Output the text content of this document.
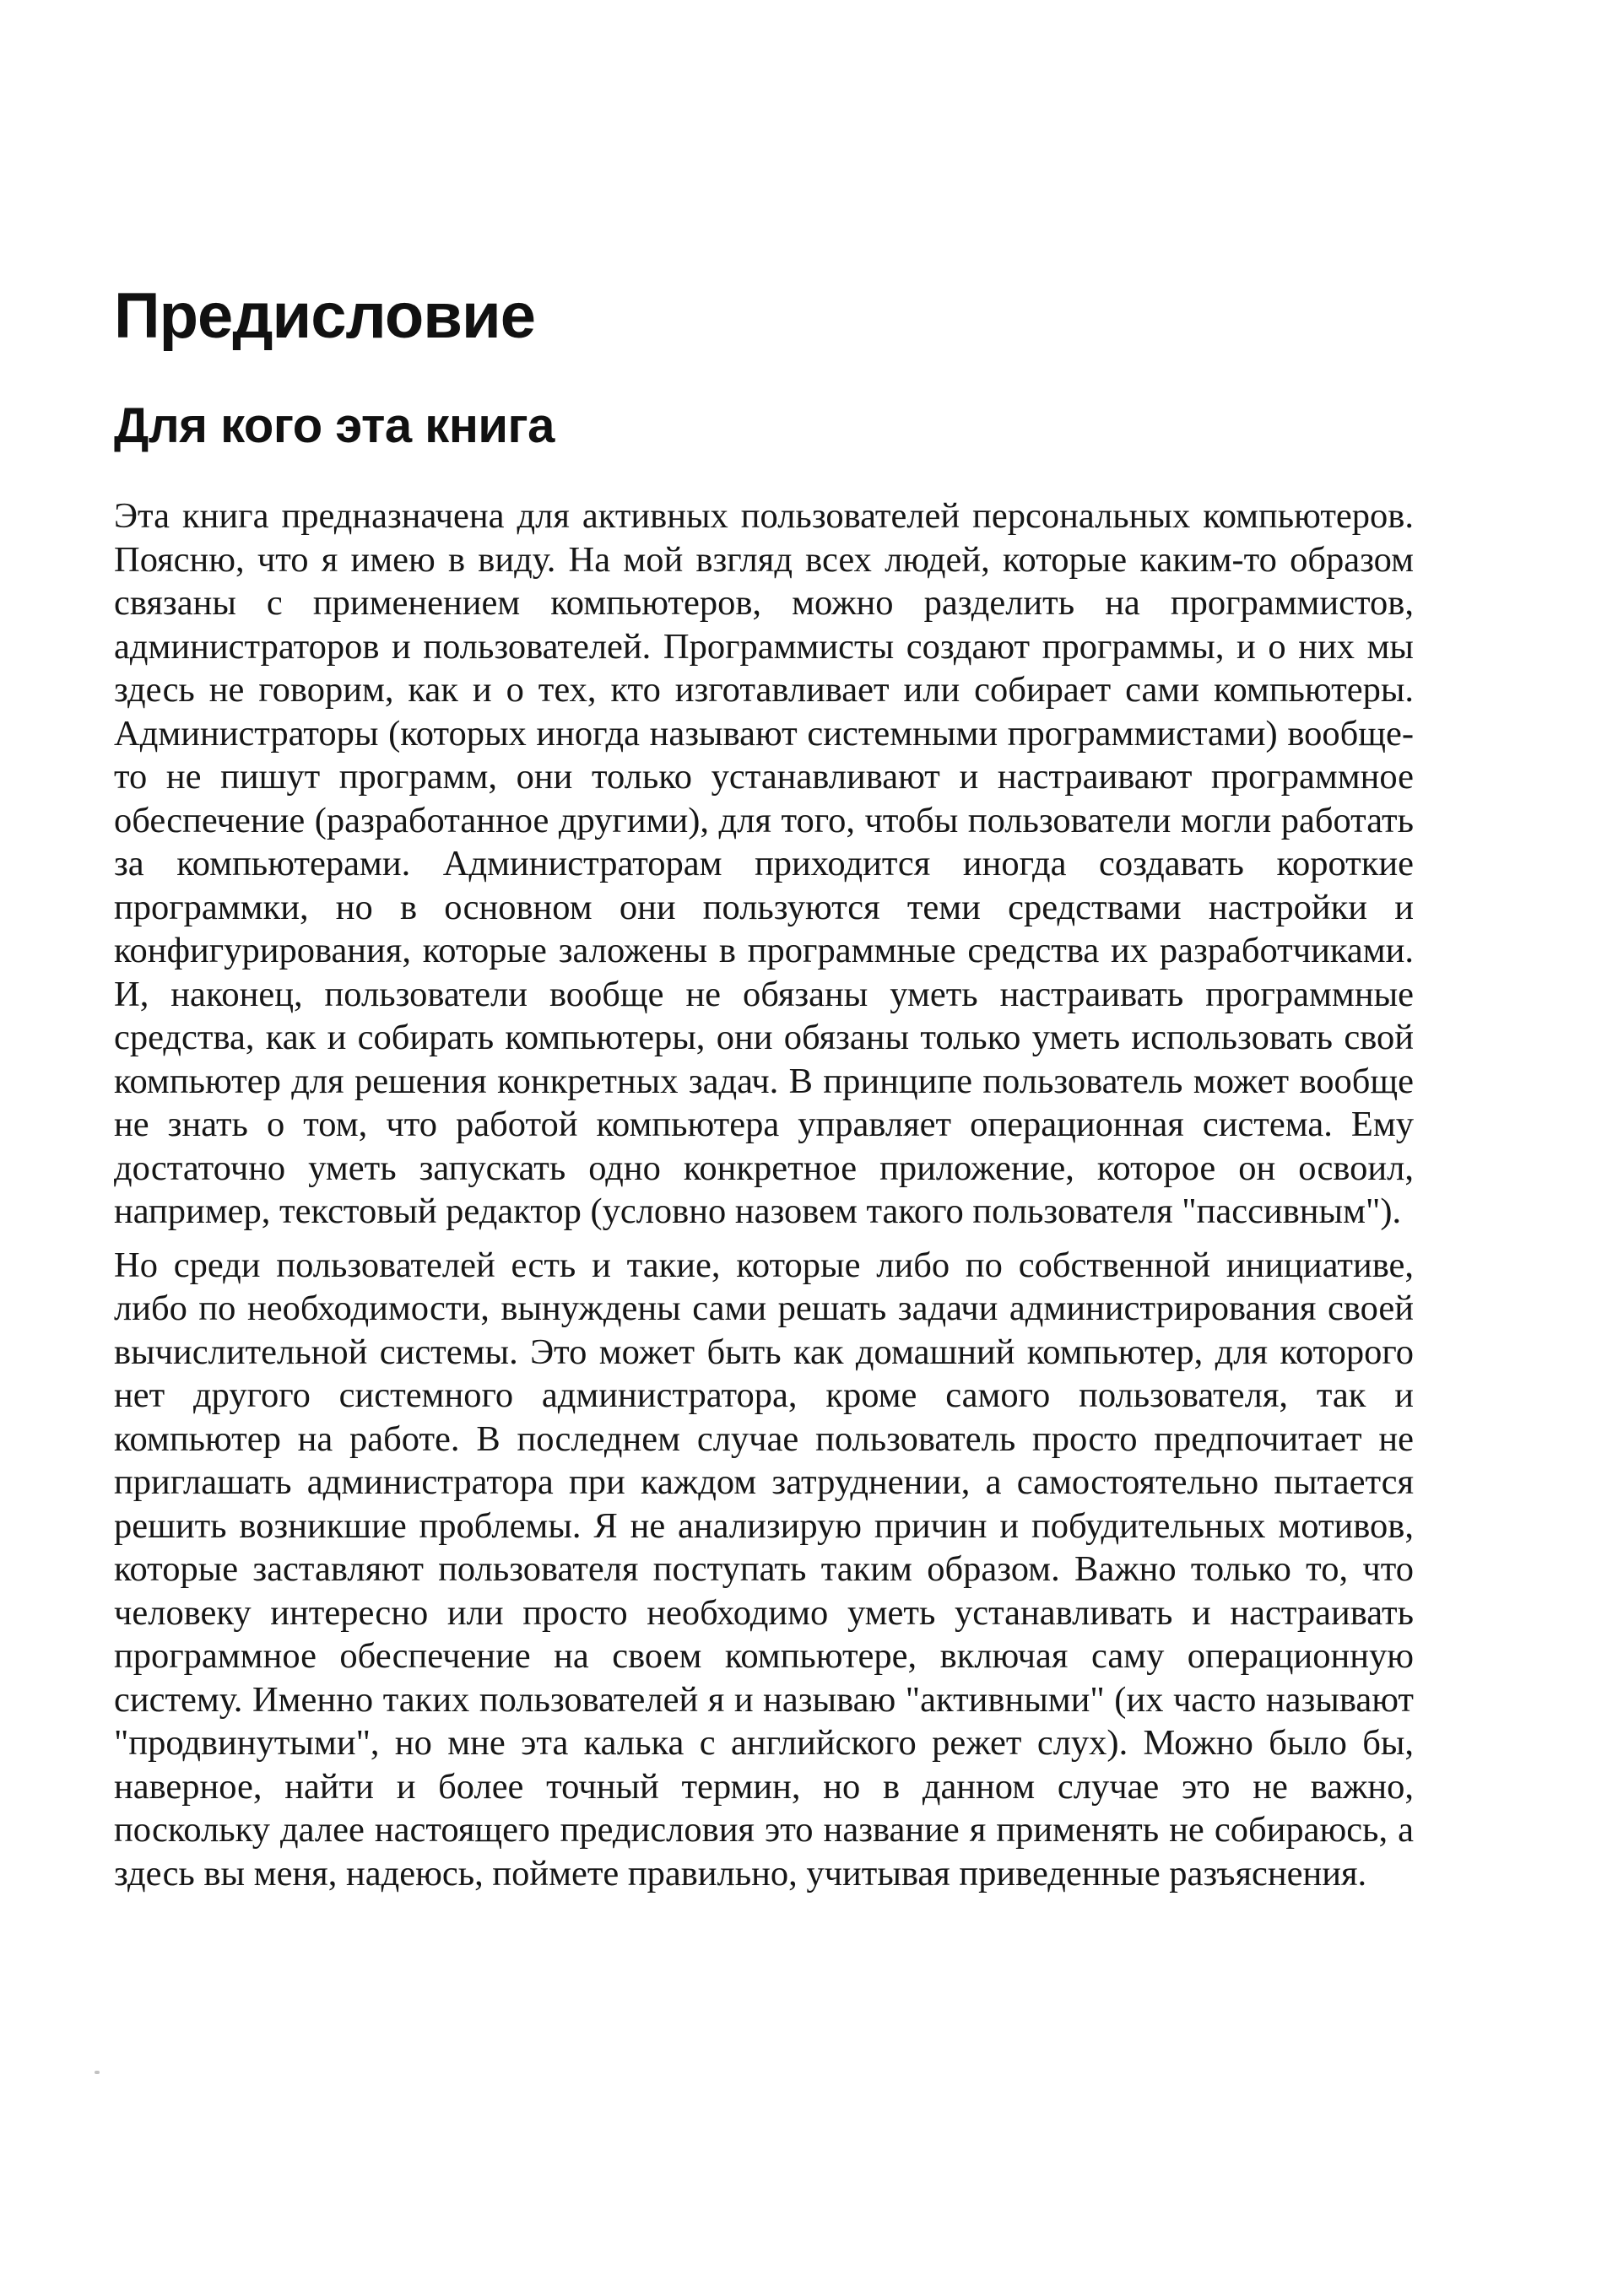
Предисловие
Для кого эта книга

Эта книга предназначена для активных пользователей персональных компьютеров. Поясню, что я имею в виду. На мой взгляд всех людей, которые каким-то образом связаны с применением компьютеров, можно разделить на программистов, администраторов и пользователей. Программисты создают программы, и о них мы здесь не говорим, как и о тех, кто изготавливает или собирает сами компьютеры. Администраторы (которых иногда называют системными программистами) вообще-то не пишут программ, они только устанавливают и настраивают программное обеспечение (разработанное другими), для того, чтобы пользователи могли работать за компьютерами. Администраторам приходится иногда создавать короткие программки, но в основном они пользуются теми средствами настройки и конфигурирования, которые заложены в программные средства их разработчиками. И, наконец, пользователи вообще не обязаны уметь настраивать программные средства, как и собирать компьютеры, они обязаны только уметь использовать свой компьютер для решения конкретных задач. В принципе пользователь может вообще не знать о том, что работой компьютера управляет операционная система. Ему достаточно уметь запускать одно конкретное приложение, которое он освоил, например, текстовый редактор (условно назовем такого пользователя "пассивным").

Но среди пользователей есть и такие, которые либо по собственной инициативе, либо по необходимости, вынуждены сами решать задачи администрирования своей вычислительной системы. Это может быть как домашний компьютер, для которого нет другого системного администратора, кроме самого пользователя, так и компьютер на работе. В последнем случае пользователь просто предпочитает не приглашать администратора при каждом затруднении, а самостоятельно пытается решить возникшие проблемы. Я не анализирую причин и побудительных мотивов, которые заставляют пользователя поступать таким образом. Важно только то, что человеку интересно или просто необходимо уметь устанавливать и настраивать программное обеспечение на своем компьютере, включая саму операционную систему. Именно таких пользователей я и называю "активными" (их часто называют "продвинутыми", но мне эта калька с английского режет слух). Можно было бы, наверное, найти и более точный термин, но в данном случае это не важно, поскольку далее настоящего предисловия это название я применять не собираюсь, а здесь вы меня, надеюсь, поймете правильно, учитывая приведенные разъяснения.
